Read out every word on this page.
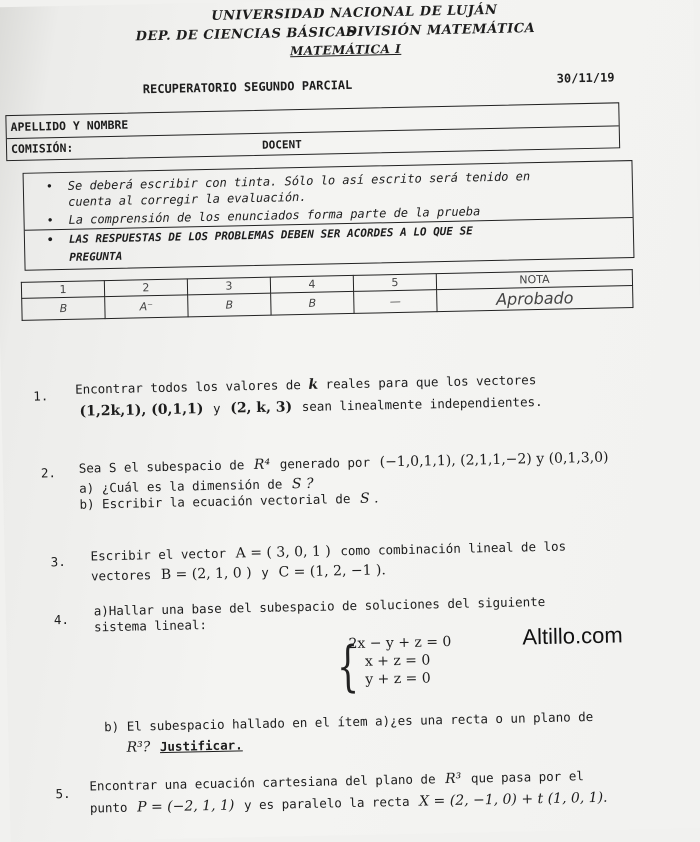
UNIVERSIDAD NACIONAL DE LUJÁN
DEP. DE CIENCIAS BÁSICAS
DIVISIÓN MATEMÁTICA
MATEMÁTICA I
RECUPERATORIO SEGUNDO PARCIAL	30/11/19
APELLIDO Y NOMBRE
COMISIÓN:	DOCENT
• Se deberá escribir con tinta. Sólo lo así escrito será tenido en
cuenta al corregir la evaluación.
• La comprensión de los enunciados forma parte de la prueba
• LAS RESPUESTAS DE LOS PROBLEMAS DEBEN SER ACORDES A LO QUE SE
PREGUNTA
1	2	3	4	5	NOTA
B	A⁻	B	B	—	Aprobado
1. Encontrar todos los valores de k reales para que los vectores
(1,2k,1), (0,1,1) y (2, k, 3) sean linealmente independientes.
2. Sea S el subespacio de R⁴ generado por (−1,0,1,1), (2,1,1,−2) y (0,1,3,0)
a) ¿Cuál es la dimensión de S ?
b) Escribir la ecuación vectorial de S .
3. Escribir el vector A = ( 3, 0, 1 ) como combinación lineal de los
vectores B = (2, 1, 0 ) y C = (1, 2, −1 ).
4.
a)Hallar una base del subespacio de soluciones del siguiente
sistema lineal:
{
2x − y + z = 0
x + z = 0
y + z = 0
Altillo.com
b) El subespacio hallado en el ítem a)¿es una recta o un plano de
R³? Justificar.
5.
Encontrar una ecuación cartesiana del plano de R³ que pasa por el
punto P = (−2, 1, 1) y es paralelo la recta X = (2, −1, 0) + t (1, 0, 1).
